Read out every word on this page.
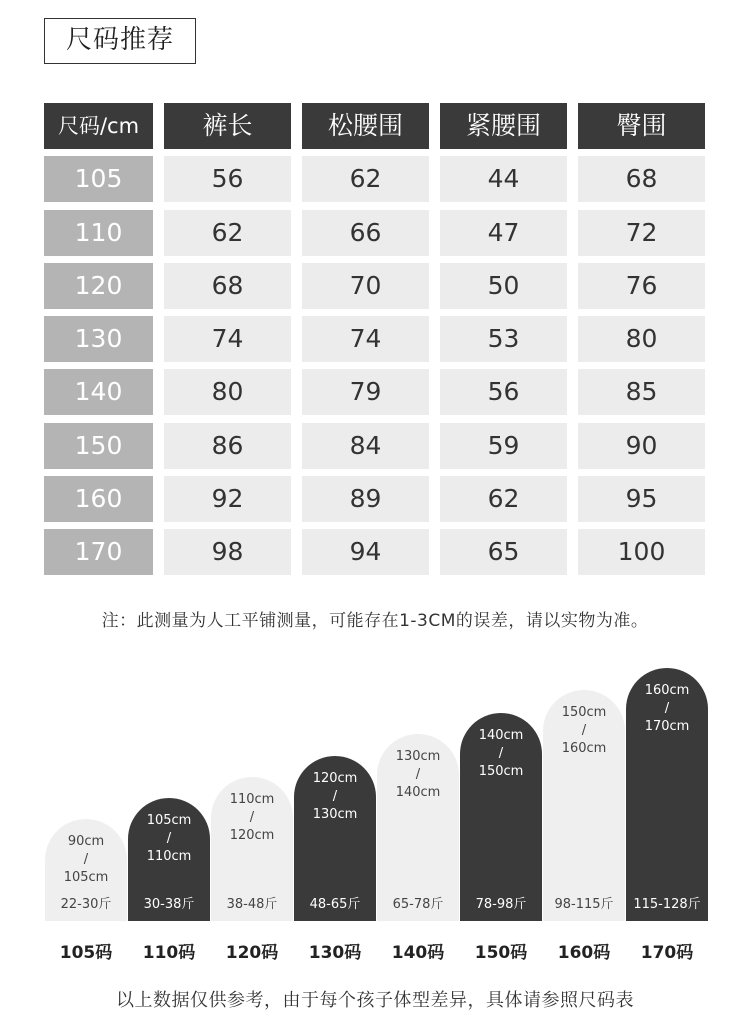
尺码推荐
尺码/cm	裤长	松腰围	紧腰围	臀围
105	56	62	44	68
110	62	66	47	72
120	68	70	50	76
130	74	74	53	80
140	80	79	56	85
150	86	84	59	90
160	92	89	62	95
170	98	94	65	100
注：此测量为人工平铺测量，可能存在1-3CM的误差，请以实物为准。
90cm
/
105cm
22-30斤
105码
105cm
/
110cm
30-38斤
110码
110cm
/
120cm
38-48斤
120码
120cm
/
130cm
48-65斤
130码
130cm
/
140cm
65-78斤
140码
140cm
/
150cm
78-98斤
150码
150cm
/
160cm
98-115斤
160码
160cm
/
170cm
115-128斤
170码
以上数据仅供参考，由于每个孩子体型差异，具体请参照尺码表
